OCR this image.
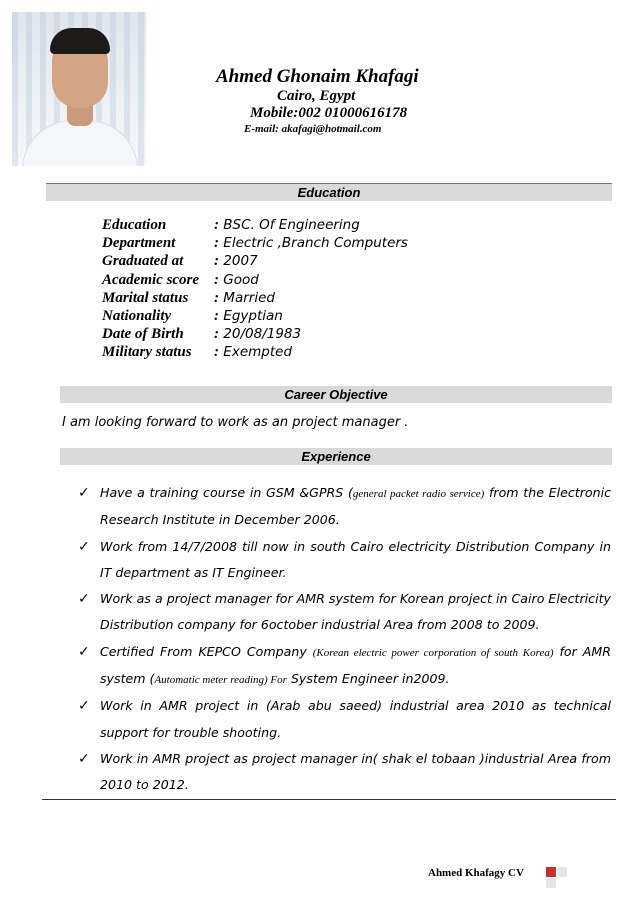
Ahmed Ghonaim Khafagi
Cairo, Egypt
Mobile:002 01000616178
E-mail: akafagi@hotmail.com
Education
Education	: BSC. Of Engineering
Department	: Electric ,Branch Computers
Graduated at : 2007
Academic score : Good
Marital status : Married
Nationality	: Egyptian
Date of Birth : 20/08/1983
Military status : Exempted
Career Objective
I am looking forward to work as an project manager .
Experience
✓ Have a training course in GSM &GPRS (general packet radio service) from the Electronic Research Institute in December 2006.
✓ Work from 14/7/2008 till now in south Cairo electricity Distribution Company in IT department as IT Engineer.
✓ Work as a project manager for AMR system for Korean project in Cairo Electricity Distribution company for 6october industrial Area from 2008 to 2009.
✓ Certified From KEPCO Company (Korean electric power corporation of south Korea) for AMR system (Automatic meter reading) For System Engineer in2009.
✓ Work in AMR project in (Arab abu saeed) industrial area 2010 as technical support for trouble shooting.
✓ Work in AMR project as project manager in( shak el tobaan )industrial Area from 2010 to 2012.
Ahmed Khafagy CV
